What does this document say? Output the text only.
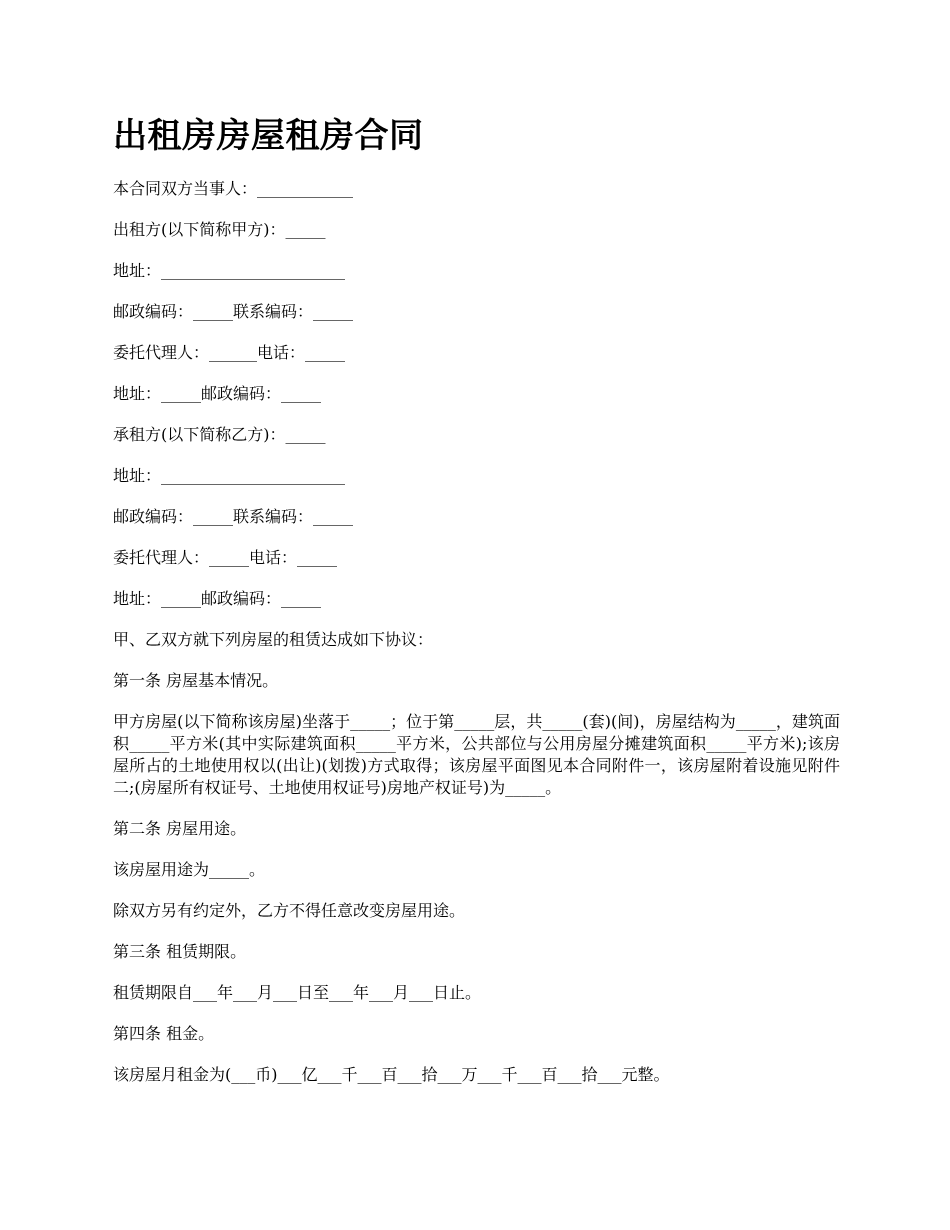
出租房房屋租房合同

本合同双方当事人：____________

出租方(以下简称甲方)：_____

地址：_______________________

邮政编码：_____联系编码：_____

委托代理人：______电话：_____

地址：_____邮政编码：_____

承租方(以下简称乙方)：_____

地址：_______________________

邮政编码：_____联系编码：_____

委托代理人：_____电话：_____

地址：_____邮政编码：_____

甲、乙双方就下列房屋的租赁达成如下协议：

第一条 房屋基本情况。

甲方房屋(以下简称该房屋)坐落于_____；位于第_____层，共_____(套)(间)，房屋结构为_____，建筑面积_____平方米(其中实际建筑面积_____平方米，公共部位与公用房屋分摊建筑面积_____平方米);该房屋所占的土地使用权以(出让)(划拨)方式取得；该房屋平面图见本合同附件一，该房屋附着设施见附件二;(房屋所有权证号、土地使用权证号)房地产权证号)为_____。

第二条 房屋用途。

该房屋用途为_____。

除双方另有约定外，乙方不得任意改变房屋用途。

第三条 租赁期限。

租赁期限自___年___月___日至___年___月___日止。

第四条 租金。

该房屋月租金为(___币)___亿___千___百___拾___万___千___百___拾___元整。
